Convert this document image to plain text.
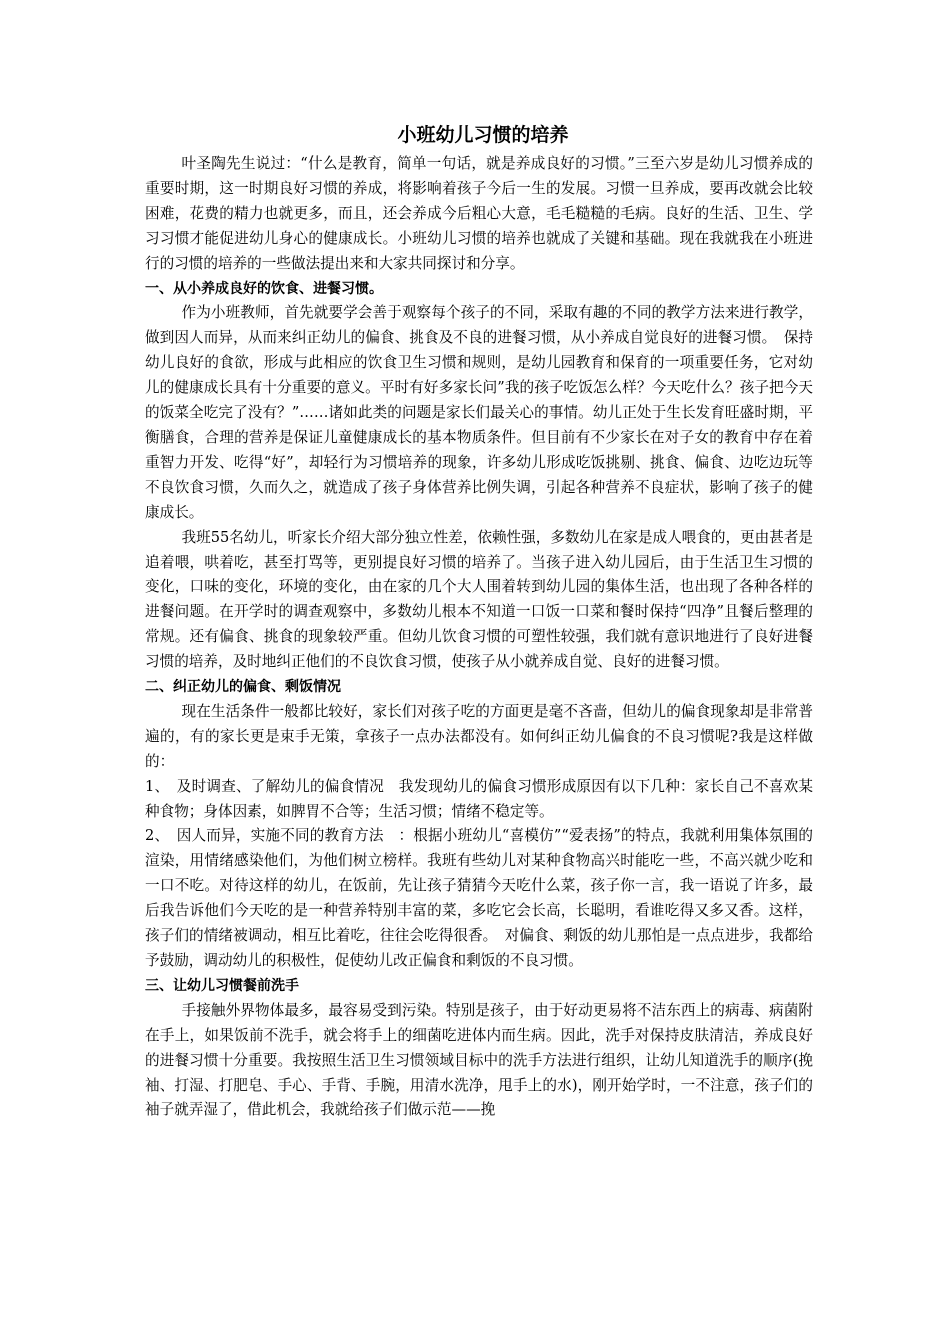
小班幼儿习惯的培养

叶圣陶先生说过：“什么是教育，简单一句话，就是养成良好的习惯。”三至六岁是幼儿习惯养成的重要时期，这一时期良好习惯的养成，将影响着孩子今后一生的发展。习惯一旦养成，要再改就会比较困难，花费的精力也就更多，而且，还会养成今后粗心大意，毛毛糙糙的毛病。良好的生活、卫生、学习习惯才能促进幼儿身心的健康成长。小班幼儿习惯的培养也就成了关键和基础。现在我就我在小班进行的习惯的培养的一些做法提出来和大家共同探讨和分享。

一、从小养成良好的饮食、进餐习惯。

作为小班教师，首先就要学会善于观察每个孩子的不同，采取有趣的不同的教学方法来进行教学，做到因人而异，从而来纠正幼儿的偏食、挑食及不良的进餐习惯，从小养成自觉良好的进餐习惯。　保持幼儿良好的食欲，形成与此相应的饮食卫生习惯和规则，是幼儿园教育和保育的一项重要任务，它对幼儿的健康成长具有十分重要的意义。平时有好多家长问”我的孩子吃饭怎么样？今天吃什么？孩子把今天的饭菜全吃完了没有？”……诸如此类的问题是家长们最关心的事情。幼儿正处于生长发育旺盛时期，平衡膳食，合理的营养是保证儿童健康成长的基本物质条件。但目前有不少家长在对子女的教育中存在着重智力开发、吃得“好”，却轻行为习惯培养的现象，许多幼儿形成吃饭挑剔、挑食、偏食、边吃边玩等不良饮食习惯，久而久之，就造成了孩子身体营养比例失调，引起各种营养不良症状，影响了孩子的健康成长。

我班55名幼儿，听家长介绍大部分独立性差，依赖性强，多数幼儿在家是成人喂食的，更由甚者是追着喂，哄着吃，甚至打骂等，更别提良好习惯的培养了。当孩子进入幼儿园后，由于生活卫生习惯的变化，口味的变化，环境的变化，由在家的几个大人围着转到幼儿园的集体生活，也出现了各种各样的进餐问题。在开学时的调查观察中，多数幼儿根本不知道一口饭一口菜和餐时保持“四净”且餐后整理的常规。还有偏食、挑食的现象较严重。但幼儿饮食习惯的可塑性较强，我们就有意识地进行了良好进餐习惯的培养，及时地纠正他们的不良饮食习惯，使孩子从小就养成自觉、良好的进餐习惯。

二、纠正幼儿的偏食、剩饭情况

现在生活条件一般都比较好，家长们对孩子吃的方面更是毫不吝啬，但幼儿的偏食现象却是非常普遍的，有的家长更是束手无策，拿孩子一点办法都没有。如何纠正幼儿偏食的不良习惯呢?我是这样做的：

1、　及时调查、了解幼儿的偏食情况　我发现幼儿的偏食习惯形成原因有以下几种：家长自己不喜欢某种食物；身体因素，如脾胃不合等；生活习惯；情绪不稳定等。

2、　因人而异，实施不同的教育方法　：根据小班幼儿“喜模仿”“爱表扬”的特点，我就利用集体氛围的渲染，用情绪感染他们，为他们树立榜样。我班有些幼儿对某种食物高兴时能吃一些，不高兴就少吃和一口不吃。对待这样的幼儿，在饭前，先让孩子猜猜今天吃什么菜，孩子你一言，我一语说了许多，最后我告诉他们今天吃的是一种营养特别丰富的菜，多吃它会长高，长聪明，看谁吃得又多又香。这样，孩子们的情绪被调动，相互比着吃，往往会吃得很香。　对偏食、剩饭的幼儿那怕是一点点进步，我都给予鼓励，调动幼儿的积极性，促使幼儿改正偏食和剩饭的不良习惯。

三、让幼儿习惯餐前洗手

手接触外界物体最多，最容易受到污染。特别是孩子，由于好动更易将不洁东西上的病毒、病菌附在手上，如果饭前不洗手，就会将手上的细菌吃进体内而生病。因此，洗手对保持皮肤清洁，养成良好的进餐习惯十分重要。我按照生活卫生习惯领域目标中的洗手方法进行组织，让幼儿知道洗手的顺序(挽袖、打湿、打肥皂、手心、手背、手腕，用清水洗净，甩手上的水)，刚开始学时，一不注意，孩子们的袖子就弄湿了，借此机会，我就给孩子们做示范——挽
